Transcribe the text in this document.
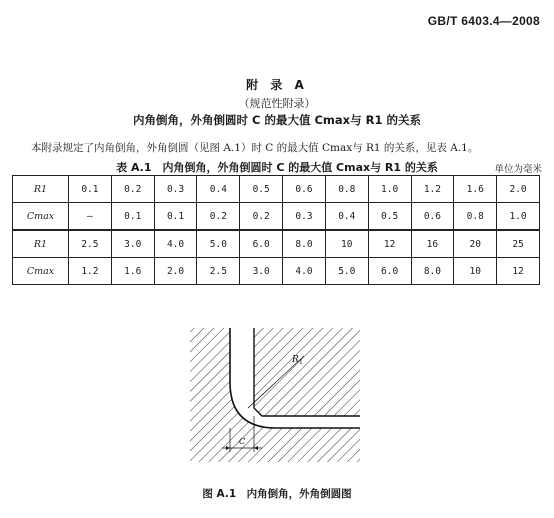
GB/T 6403.4—2008
附 录 A
（规范性附录）
内角倒角，外角倒圆时 C 的最大值 Cmax与 R1 的关系
本附录规定了内角倒角，外角倒圆（见图 A.1）时 C 的最大值 Cmax与 R1 的关系，见表 A.1。
表 A.1　内角倒角，外角倒圆时 C 的最大值 Cmax与 R1 的关系	单位为毫米
R1	0.1	0.2	0.3	0.4	0.5	0.6	0.8	1.0	1.2	1.6	2.0
Cmax	—	0.1	0.1	0.2	0.2	0.3	0.4	0.5	0.6	0.8	1.0
R1	2.5	3.0	4.0	5.0	6.0	8.0	10	12	16	20	25
Cmax	1.2	1.6	2.0	2.5	3.0	4.0	5.0	6.0	8.0	10	12
R 1
C
图 A.1　内角倒角，外角倒圆图
